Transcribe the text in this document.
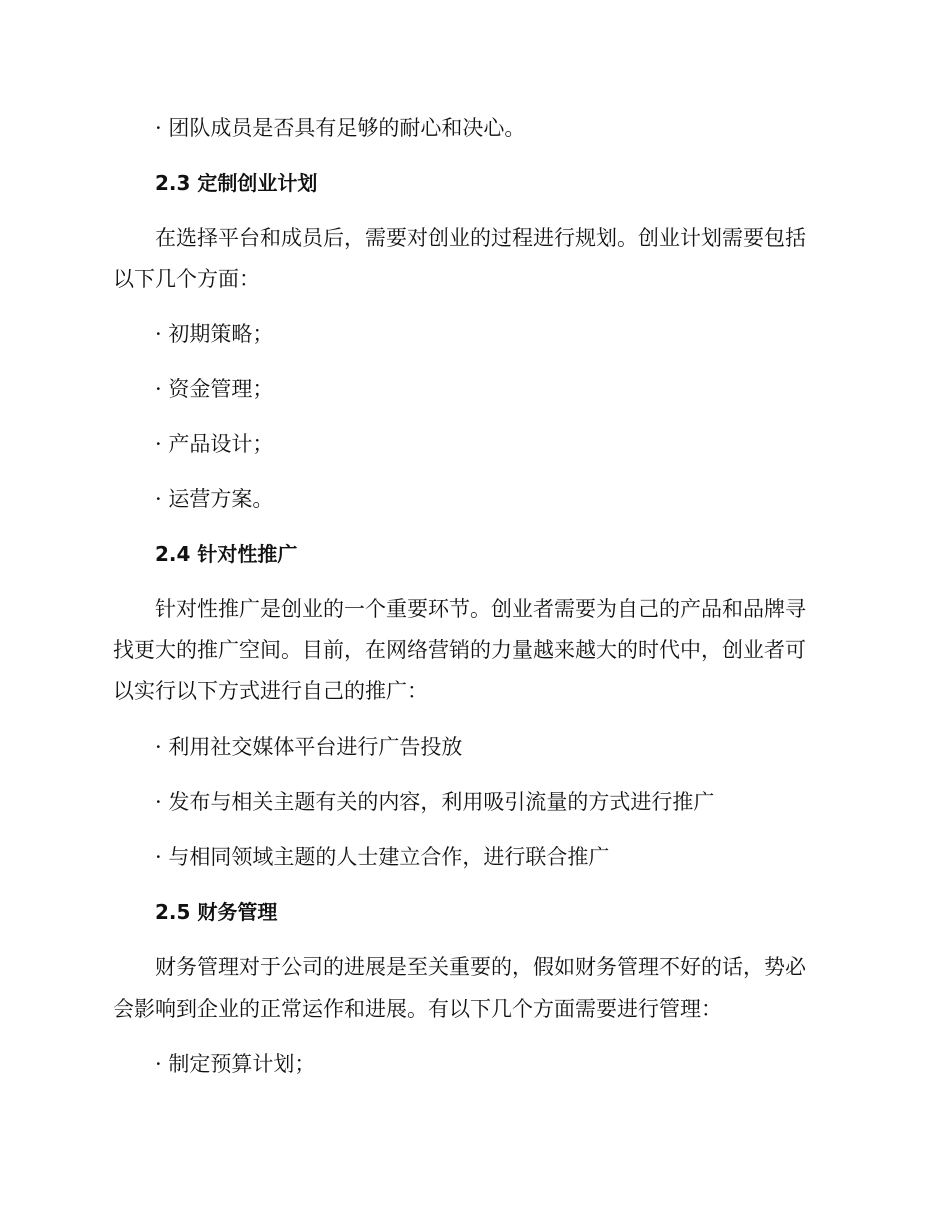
· 团队成员是否具有足够的耐心和决心。
2.3 定制创业计划
在选择平台和成员后，需要对创业的过程进行规划。创业计划需要包括
以下几个方面：
· 初期策略；
· 资金管理；
· 产品设计；
· 运营方案。
2.4 针对性推广
针对性推广是创业的一个重要环节。创业者需要为自己的产品和品牌寻
找更大的推广空间。目前，在网络营销的力量越来越大的时代中，创业者可
以实行以下方式进行自己的推广：
· 利用社交媒体平台进行广告投放
· 发布与相关主题有关的内容，利用吸引流量的方式进行推广
· 与相同领域主题的人士建立合作，进行联合推广
2.5 财务管理
财务管理对于公司的进展是至关重要的，假如财务管理不好的话，势必
会影响到企业的正常运作和进展。有以下几个方面需要进行管理：
· 制定预算计划；
